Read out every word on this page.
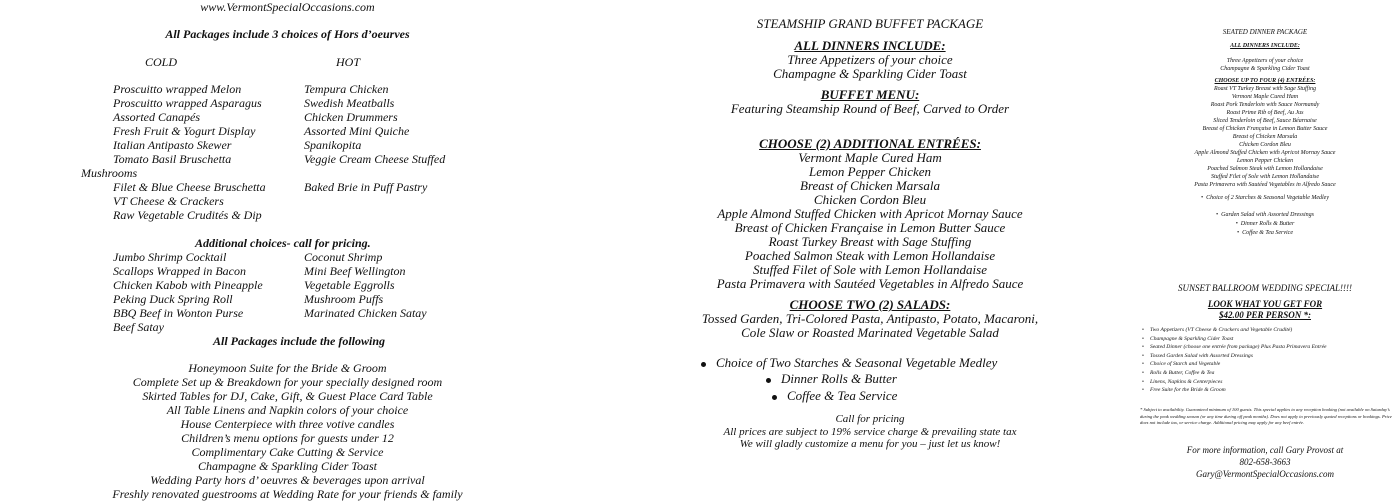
www.VermontSpecialOccasions.com
All Packages include 3 choices of Hors d’oeurves
COLD	HOT
Proscuitto wrapped Melon
Proscuitto wrapped Asparagus
Assorted Canapés
Fresh Fruit & Yogurt Display
Italian Antipasto Skewer
Tomato Basil Bruschetta
Mushrooms
Filet & Blue Cheese Bruschetta
VT Cheese & Crackers
Raw Vegetable Crudités & Dip
Tempura Chicken
Swedish Meatballs
Chicken Drummers
Assorted Mini Quiche
Spanikopita
Veggie Cream Cheese Stuffed
Baked Brie in Puff Pastry
Additional choices- call for pricing.
Jumbo Shrimp Cocktail
Scallops Wrapped in Bacon
Chicken Kabob with Pineapple
Peking Duck Spring Roll
BBQ Beef in Wonton Purse
Beef Satay
Coconut Shrimp
Mini Beef Wellington
Vegetable Eggrolls
Mushroom Puffs
Marinated Chicken Satay
All Packages include the following
Honeymoon Suite for the Bride & Groom
Complete Set up & Breakdown for your specially designed room
Skirted Tables for DJ, Cake, Gift, & Guest Place Card Table
All Table Linens and Napkin colors of your choice
House Centerpiece with three votive candles
Children’s menu options for guests under 12
Complimentary Cake Cutting & Service
Champagne & Sparkling Cider Toast
Wedding Party hors d’ oeuvres & beverages upon arrival
Freshly renovated guestrooms at Wedding Rate for your friends & family
STEAMSHIP GRAND BUFFET PACKAGE
ALL DINNERS INCLUDE:
Three Appetizers of your choice
Champagne & Sparkling Cider Toast
BUFFET MENU:
Featuring Steamship Round of Beef, Carved to Order
CHOOSE (2) ADDITIONAL ENTRÉES:
Vermont Maple Cured Ham
Lemon Pepper Chicken
Breast of Chicken Marsala
Chicken Cordon Bleu
Apple Almond Stuffed Chicken with Apricot Mornay Sauce
Breast of Chicken Française in Lemon Butter Sauce
Roast Turkey Breast with Sage Stuffing
Poached Salmon Steak with Lemon Hollandaise
Stuffed Filet of Sole with Lemon Hollandaise
Pasta Primavera with Sautéed Vegetables in Alfredo Sauce
CHOOSE TWO (2) SALADS:
Tossed Garden, Tri-Colored Pasta, Antipasto, Potato, Macaroni,
Cole Slaw or Roasted Marinated Vegetable Salad
Choice of Two Starches & Seasonal Vegetable Medley
Dinner Rolls & Butter
Coffee & Tea Service
Call for pricing
All prices are subject to 19% service charge & prevailing state tax
We will gladly customize a menu for you – just let us know!
SEATED DINNER PACKAGE
ALL DINNERS INCLUDE:
Three Appetizers of your choice
Champagne & Sparkling Cider Toast
CHOOSE UP TO FOUR (4) ENTRÉES:
Roast VT Turkey Breast with Sage Stuffing
Vermont Maple Cured Ham
Roast Pork Tenderloin with Sauce Normandy
Roast Prime Rib of Beef, Au Jus
Sliced Tenderloin of Beef, Sauce Béarnaise
Breast of Chicken Française in Lemon Butter Sauce
Breast of Chicken Marsala
Chicken Cordon Bleu
Apple Almond Stuffed Chicken with Apricot Mornay Sauce
Lemon Pepper Chicken
Poached Salmon Steak with Lemon Hollandaise
Stuffed Filet of Sole with Lemon Hollandaise
Pasta Primavera with Sautéed Vegetables in Alfredo Sauce
•  Choice of 2 Starches & Seasonal Vegetable Medley
•  Garden Salad with Assorted Dressings
•  Dinner Rolls & Butter
•  Coffee & Tea Service
SUNSET BALLROOM WEDDING SPECIAL!!!!
LOOK WHAT YOU GET FOR
$42.00 PER PERSON *:
• Two Appetizers (VT Cheese & Crackers and Vegetable Crudité)
• Champagne & Sparkling Cider Toast
• Seated Dinner (choose one entrée from package) Plus Pasta Primavera Entrée
• Tossed Garden Salad with Assorted Dressings
• Choice of Starch and Vegetable
• Rolls & Butter, Coffee & Tea
• Linens, Napkins & Centerpieces
• Free Suite for the Bride & Groom
* Subject to availability. Guaranteed minimum of 100 guests. This special applies to any reception booking (not available on Saturday’s during the peak wedding season (or any time during off peak months). Does not apply to previously quoted receptions or bookings. Price does not include tax, or service charge. Additional pricing may apply for any beef entrée.
For more information, call Gary Provost at
802-658-3663
Gary@VermontSpecialOccasions.com
